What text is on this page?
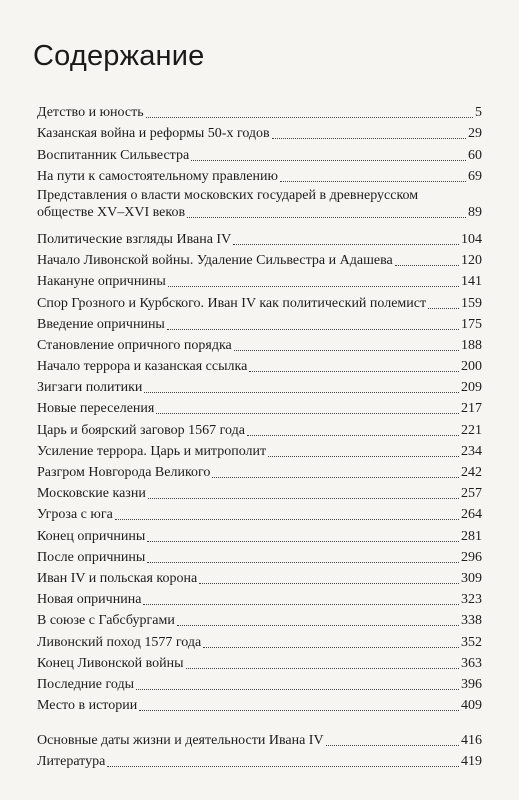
Содержание
Детство и юность	5
Казанская война и реформы 50-х годов	29
Воспитанник Сильвестра	60
На пути к самостоятельному правлению	69
Представления о власти московских государей в древнерусском
обществе XV–XVI веков	89
Политические взгляды Ивана IV	104
Начало Ливонской войны. Удаление Сильвестра и Адашева	120
Накануне опричнины	141
Спор Грозного и Курбского. Иван IV как политический полемист 159
Введение опричнины	175
Становление опричного порядка	188
Начало террора и казанская ссылка	200
Зигзаги политики	209
Новые переселения	217
Царь и боярский заговор 1567 года	221
Усиление террора. Царь и митрополит	234
Разгром Новгорода Великого	242
Московские казни	257
Угроза с юга	264
Конец опричнины	281
После опричнины	296
Иван IV и польская корона	309
Новая опричнина	323
В союзе с Габсбургами	338
Ливонский поход 1577 года	352
Конец Ливонской войны	363
Последние годы	396
Место в истории	409
Основные даты жизни и деятельности Ивана IV	416
Литература	419
